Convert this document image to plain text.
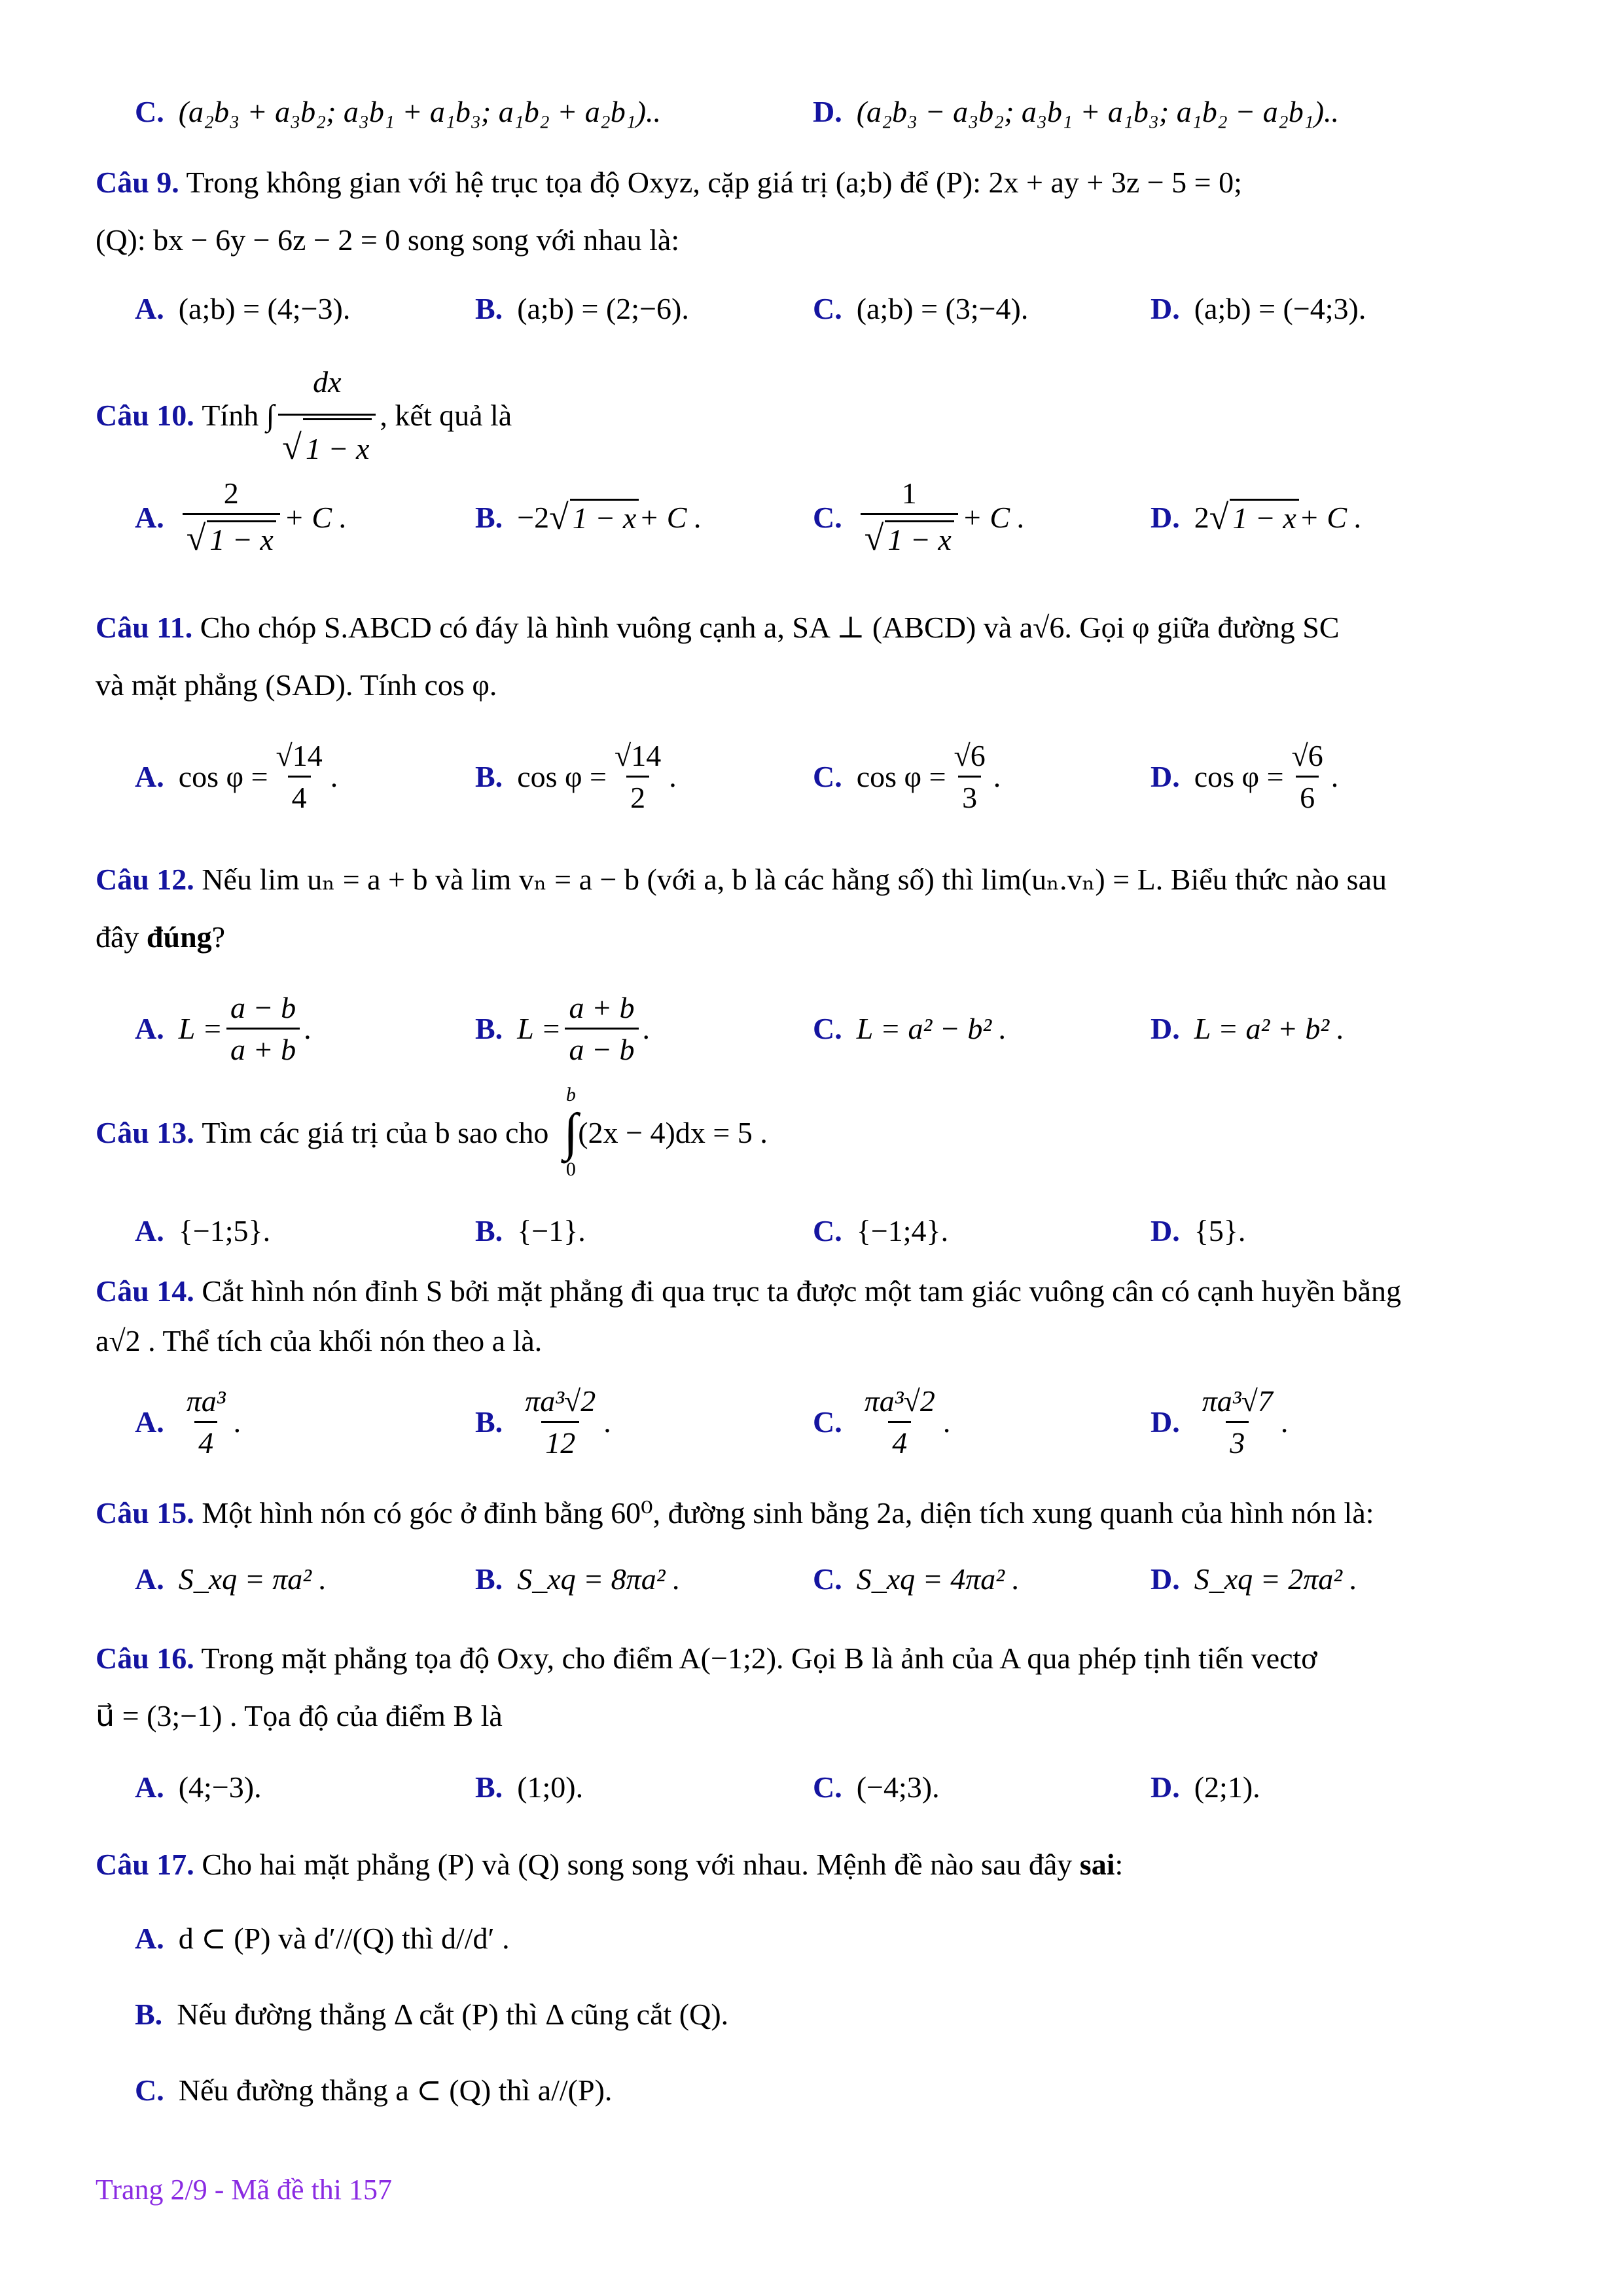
C. (a₂b₃ + a₃b₂; a₃b₁ + a₁b₃; a₁b₂ + a₂b₁)..	D. (a₂b₃ − a₃b₂; a₃b₁ + a₁b₃; a₁b₂ − a₂b₁)..
Câu 9. Trong không gian với hệ trục tọa độ Oxyz, cặp giá trị (a;b) để (P): 2x + ay + 3z − 5 = 0;
(Q): bx − 6y − 6z − 2 = 0 song song với nhau là:
A. (a;b) = (4;−3).	B. (a;b) = (2;−6).	C. (a;b) = (3;−4).	D. (a;b) = (−4;3).
Câu 10.
Tính ∫ $\frac{dx}{√ 1 - x}$ , kết quả là
A. $\frac{2}{√ 1 - x} + C$ .	B. −2 √ 1 − x + C .	C. $\frac{1}{√ 1 - x} + C$ .	D. 2 √ 1 − x + C .
Câu 11. Cho chóp S.ABCD có đáy là hình vuông cạnh a, SA ⊥ (ABCD) và a√6. Gọi φ giữa đường SC
và mặt phẳng (SAD). Tính cos φ.
A. $\cos \varphi = \frac{√14}{4}$ .	B. $\cos \varphi = \frac{√14}{2}$ .	C. $\cos \varphi = \frac{√6}{3}$ .	D. $\cos \varphi = \frac{√6}{6}$ .
Câu 12. Nếu lim uₙ = a + b và lim vₙ = a − b (với a, b là các hằng số) thì lim(uₙ.vₙ) = L. Biểu thức nào sau
đây đúng?
A. $L = \frac{a - b}{a + b}$ .	B. $L = \frac{a + b}{a - b}$ .	C. L = a² − b² .	D. L = a² + b² .
Câu 13.
Tìm các giá trị của b sao cho

b
∫
0
(2x − 4)dx = 5 .
A. {−1;5}.	B. {−1}.	C. {−1;4}.	D. {5}.
Câu 14. Cắt hình nón đỉnh S bởi mặt phẳng đi qua trục ta được một tam giác vuông cân có cạnh huyền bằng
a√2 . Thể tích của khối nón theo a là.
A. $\frac{\text{πa³}}{4}$ .	B. $\frac{\text{πa³√2}}{12}$ .	C. $\frac{\text{πa³√2}}{4}$ .	D. $\frac{\text{πa³√7}}{3}$ .
Câu 15. Một hình nón có góc ở đỉnh bằng 60⁰, đường sinh bằng 2a, diện tích xung quanh của hình nón là:
A. S_xq = πa² .	B. S_xq = 8πa² .	C. S_xq = 4πa² .	D. S_xq = 2πa² .
Câu 16. Trong mặt phẳng tọa độ Oxy, cho điểm A(−1;2). Gọi B là ảnh của A qua phép tịnh tiến vectơ
u⃗ = (3;−1) . Tọa độ của điểm B là
A. (4;−3).	B. (1;0).	C. (−4;3).	D. (2;1).
Câu 17. Cho hai mặt phẳng (P) và (Q) song song với nhau. Mệnh đề nào sau đây sai:
A. d ⊂ (P) và d′//(Q) thì d//d′ .
B. Nếu đường thẳng Δ cắt (P) thì Δ cũng cắt (Q).
C. Nếu đường thẳng a ⊂ (Q) thì a//(P).
Trang 2/9 - Mã đề thi 157
